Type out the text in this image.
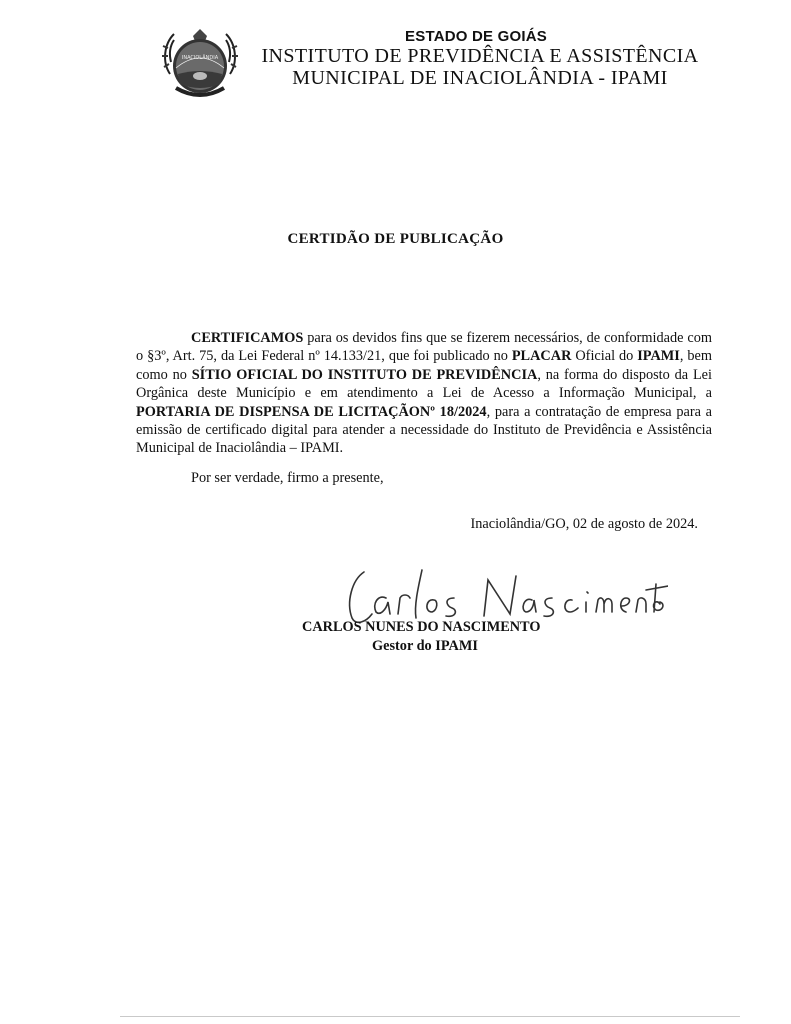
INACIOLÂNDIA
ESTADO DE GOIÁS
INSTITUTO DE PREVIDÊNCIA E ASSISTÊNCIA
MUNICIPAL DE INACIOLÂNDIA - IPAMI
CERTIDÃO DE PUBLICAÇÃO
CERTIFICAMOS para os devidos fins que se fizerem necessários, de conformidade com o §3º, Art. 75, da Lei Federal nº 14.133/21, que foi publicado no PLACAR Oficial do IPAMI, bem como no SÍTIO OFICIAL DO INSTITUTO DE PREVIDÊNCIA, na forma do disposto da Lei Orgânica deste Município e em atendimento a Lei de Acesso a Informação Municipal, a PORTARIA DE DISPENSA DE LICITAÇÃONº 18/2024, para a contratação de empresa para a emissão de certificado digital para atender a necessidade do Instituto de Previdência e Assistência Municipal de Inaciolândia – IPAMI.
Por ser verdade, firmo a presente,
Inaciolândia/GO, 02 de agosto de 2024.
Carlos Nascimento
CARLOS NUNES DO NASCIMENTO
Gestor do IPAMI
